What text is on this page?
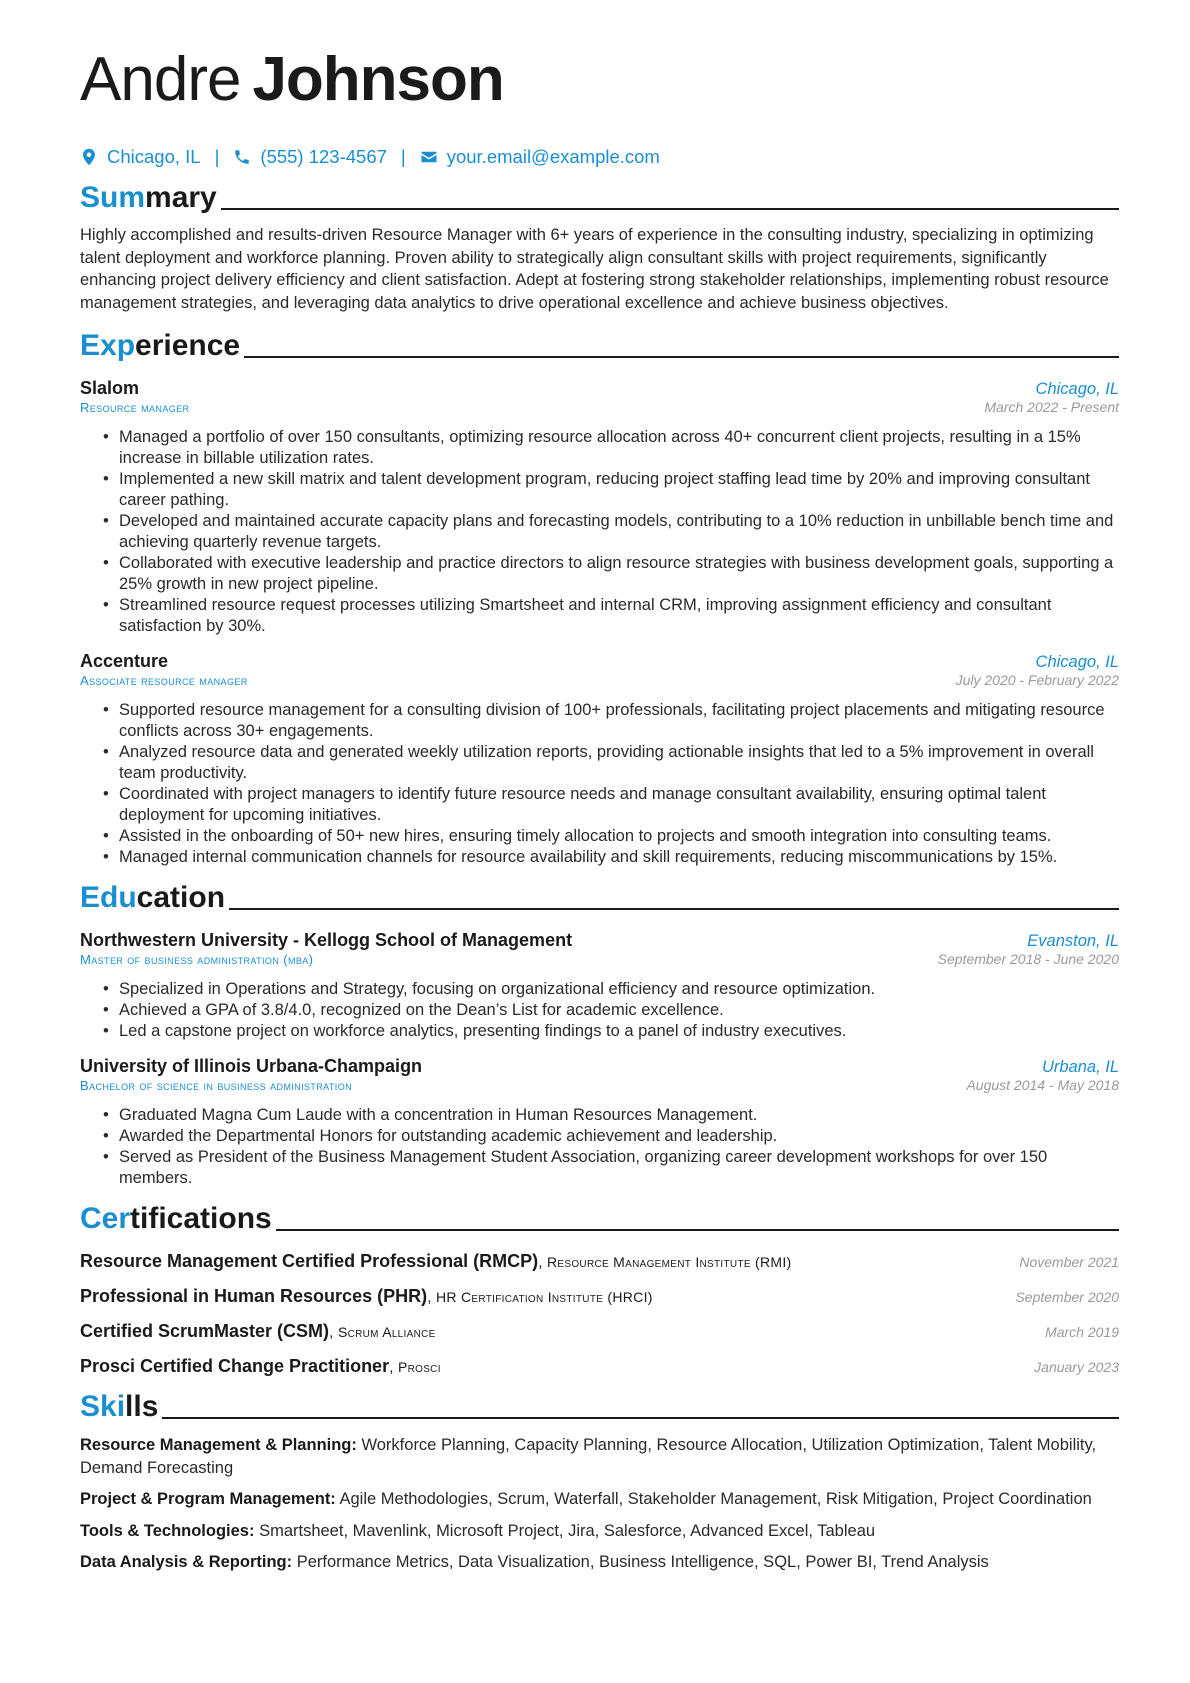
Andre Johnson
Chicago, IL | (555) 123-4567 | your.email@example.com
Summary

Highly accomplished and results-driven Resource Manager with 6+ years of experience in the consulting industry, specializing in optimizing talent deployment and workforce planning. Proven ability to strategically align consultant skills with project requirements, significantly enhancing project delivery efficiency and client satisfaction. Adept at fostering strong stakeholder relationships, implementing robust resource management strategies, and leveraging data analytics to drive operational excellence and achieve business objectives.

Experience
Slalom	Chicago, IL
Resource manager	March 2022 - Present
• Managed a portfolio of over 150 consultants, optimizing resource allocation across 40+ concurrent client projects, resulting in a 15% increase in billable utilization rates.
• Implemented a new skill matrix and talent development program, reducing project staffing lead time by 20% and improving consultant career pathing.
• Developed and maintained accurate capacity plans and forecasting models, contributing to a 10% reduction in unbillable bench time and achieving quarterly revenue targets.
• Collaborated with executive leadership and practice directors to align resource strategies with business development goals, supporting a 25% growth in new project pipeline.
• Streamlined resource request processes utilizing Smartsheet and internal CRM, improving assignment efficiency and consultant satisfaction by 30%.
Accenture	Chicago, IL
Associate resource manager	July 2020 - February 2022
• Supported resource management for a consulting division of 100+ professionals, facilitating project placements and mitigating resource conflicts across 30+ engagements.
• Analyzed resource data and generated weekly utilization reports, providing actionable insights that led to a 5% improvement in overall team productivity.
• Coordinated with project managers to identify future resource needs and manage consultant availability, ensuring optimal talent deployment for upcoming initiatives.
• Assisted in the onboarding of 50+ new hires, ensuring timely allocation to projects and smooth integration into consulting teams.
• Managed internal communication channels for resource availability and skill requirements, reducing miscommunications by 15%.
Education
Northwestern University - Kellogg School of Management	Evanston, IL
Master of business administration (mba)	September 2018 - June 2020
• Specialized in Operations and Strategy, focusing on organizational efficiency and resource optimization.
• Achieved a GPA of 3.8/4.0, recognized on the Dean’s List for academic excellence.
• Led a capstone project on workforce analytics, presenting findings to a panel of industry executives.
University of Illinois Urbana-Champaign	Urbana, IL
Bachelor of science in business administration	August 2014 - May 2018
• Graduated Magna Cum Laude with a concentration in Human Resources Management.
• Awarded the Departmental Honors for outstanding academic achievement and leadership.
• Served as President of the Business Management Student Association, organizing career development workshops for over 150 members.
Certifications
Resource Management Certified Professional (RMCP), Resource Management Institute (RMI)	November 2021
Professional in Human Resources (PHR), HR Certification Institute (HRCI)	September 2020
Certified ScrumMaster (CSM), Scrum Alliance	March 2019
Prosci Certified Change Practitioner, Prosci	January 2023
Skills
Resource Management & Planning: Workforce Planning, Capacity Planning, Resource Allocation, Utilization Optimization, Talent Mobility, Demand Forecasting
Project & Program Management: Agile Methodologies, Scrum, Waterfall, Stakeholder Management, Risk Mitigation, Project Coordination
Tools & Technologies: Smartsheet, Mavenlink, Microsoft Project, Jira, Salesforce, Advanced Excel, Tableau
Data Analysis & Reporting: Performance Metrics, Data Visualization, Business Intelligence, SQL, Power BI, Trend Analysis
